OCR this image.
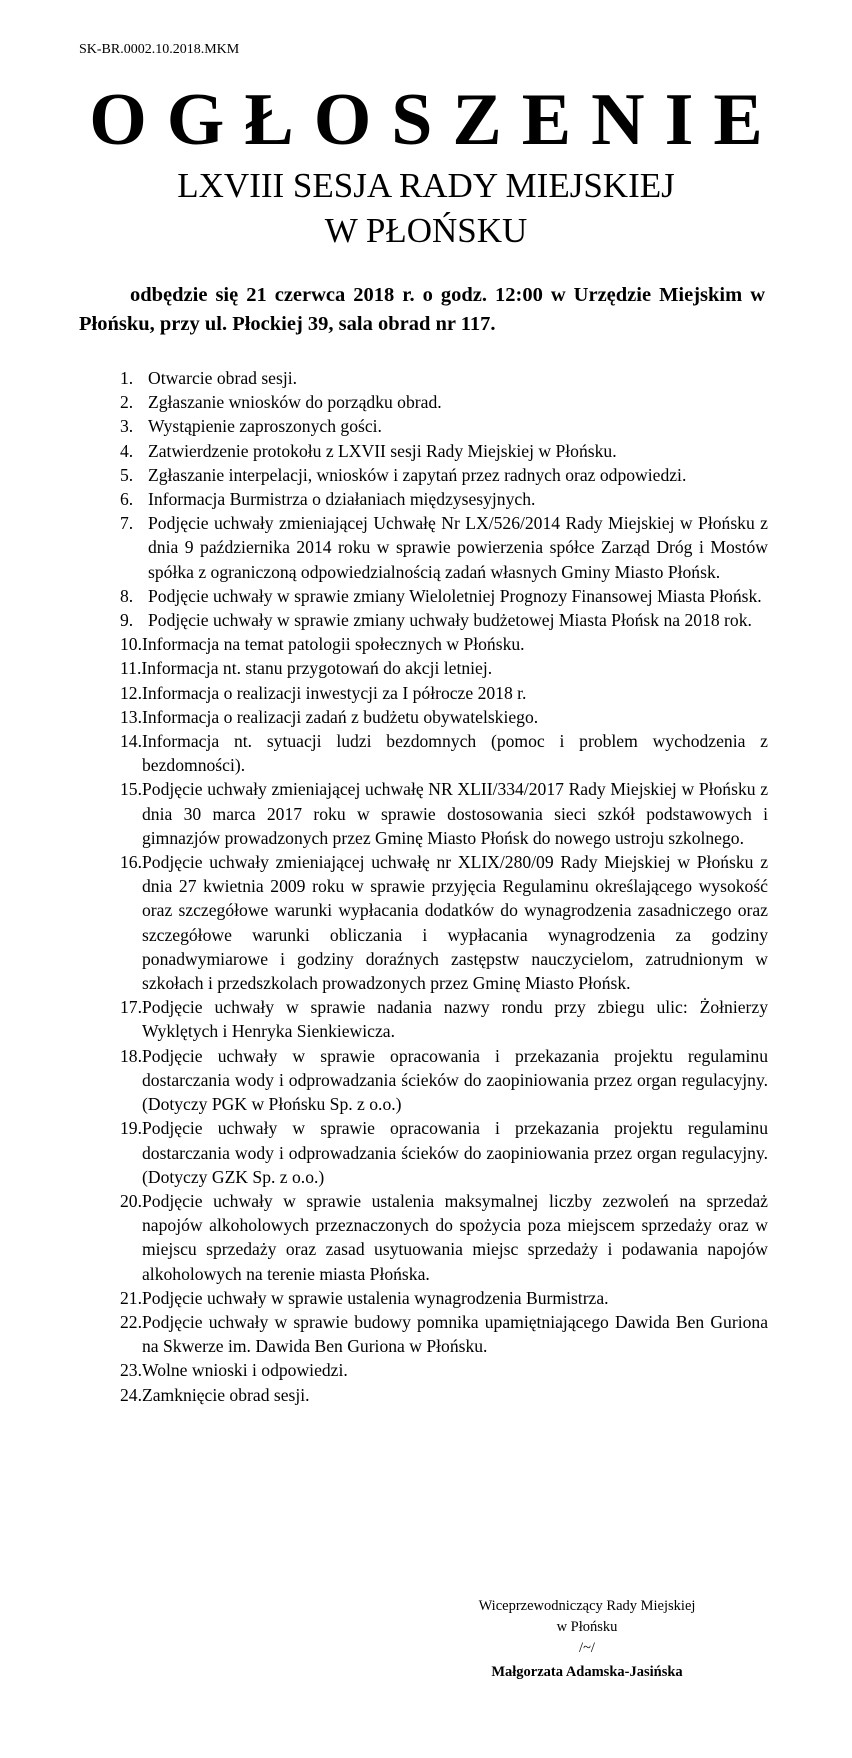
SK-BR.0002.10.2018.MKM
OGŁOSZENIE
LXVIII SESJA RADY MIEJSKIEJ
W PŁOŃSKU
odbędzie się 21 czerwca 2018 r. o godz. 12:00 w Urzędzie Miejskim w Płońsku, przy ul. Płockiej 39, sala obrad nr 117.
1. Otwarcie obrad sesji.
2. Zgłaszanie wniosków do porządku obrad.
3. Wystąpienie zaproszonych gości.
4. Zatwierdzenie protokołu z LXVII sesji Rady Miejskiej w Płońsku.
5. Zgłaszanie interpelacji, wniosków i zapytań przez radnych oraz odpowiedzi.
6. Informacja Burmistrza o działaniach międzysesyjnych.
7. Podjęcie uchwały zmieniającej Uchwałę Nr LX/526/2014 Rady Miejskiej w Płońsku z dnia 9 października 2014 roku w sprawie powierzenia spółce Zarząd Dróg i Mostów spółka z ograniczoną odpowiedzialnością zadań własnych Gminy Miasto Płońsk.
8. Podjęcie uchwały w sprawie zmiany Wieloletniej Prognozy Finansowej Miasta Płońsk.
9. Podjęcie uchwały w sprawie zmiany uchwały budżetowej Miasta Płońsk na 2018 rok.
10. Informacja na temat patologii społecznych w Płońsku.
11. Informacja nt. stanu przygotowań do akcji letniej.
12. Informacja o realizacji inwestycji za I półrocze 2018 r.
13. Informacja o realizacji zadań z budżetu obywatelskiego.
14. Informacja nt. sytuacji ludzi bezdomnych (pomoc i problem wychodzenia z bezdomności).
15. Podjęcie uchwały zmieniającej uchwałę NR XLII/334/2017 Rady Miejskiej w Płońsku z dnia 30 marca 2017 roku w sprawie dostosowania sieci szkół podstawowych i gimnazjów prowadzonych przez Gminę Miasto Płońsk do nowego ustroju szkolnego.
16. Podjęcie uchwały zmieniającej uchwałę nr XLIX/280/09 Rady Miejskiej w Płońsku z dnia 27 kwietnia 2009 roku w sprawie przyjęcia Regulaminu określającego wysokość oraz szczegółowe warunki wypłacania dodatków do wynagrodzenia zasadniczego oraz szczegółowe warunki obliczania i wypłacania wynagrodzenia za godziny ponadwymiarowe i godziny doraźnych zastępstw nauczycielom, zatrudnionym w szkołach i przedszkolach prowadzonych przez Gminę Miasto Płońsk.
17. Podjęcie uchwały w sprawie nadania nazwy rondu przy zbiegu ulic: Żołnierzy Wyklętych i Henryka Sienkiewicza.
18. Podjęcie uchwały w sprawie opracowania i przekazania projektu regulaminu dostarczania wody i odprowadzania ścieków do zaopiniowania przez organ regulacyjny. (Dotyczy PGK w Płońsku Sp. z o.o.)
19. Podjęcie uchwały w sprawie opracowania i przekazania projektu regulaminu dostarczania wody i odprowadzania ścieków do zaopiniowania przez organ regulacyjny. (Dotyczy GZK Sp. z o.o.)
20. Podjęcie uchwały w sprawie ustalenia maksymalnej liczby zezwoleń na sprzedaż napojów alkoholowych przeznaczonych do spożycia poza miejscem sprzedaży oraz w miejscu sprzedaży oraz zasad usytuowania miejsc sprzedaży i podawania napojów alkoholowych na terenie miasta Płońska.
21. Podjęcie uchwały w sprawie ustalenia wynagrodzenia Burmistrza.
22. Podjęcie uchwały w sprawie budowy pomnika upamiętniającego Dawida Ben Guriona na Skwerze im. Dawida Ben Guriona w Płońsku.
23. Wolne wnioski i odpowiedzi.
24. Zamknięcie obrad sesji.
Wiceprzewodniczący Rady Miejskiej
w Płońsku
/~/
Małgorzata Adamska-Jasińska
